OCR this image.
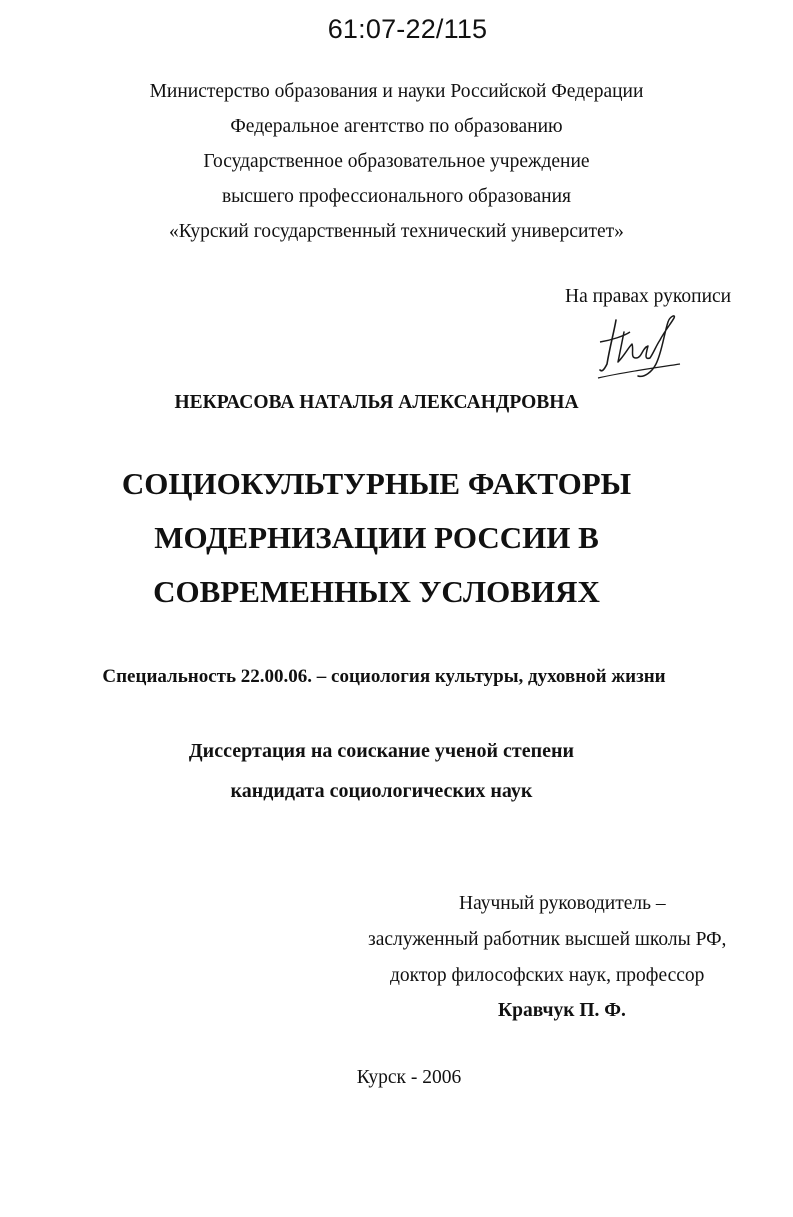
61:07-22/115
Министерство образования и науки Российской Федерации
Федеральное агентство по образованию
Государственное образовательное учреждение
высшего профессионального образования
«Курский государственный технический университет»
На правах рукописи
НЕКРАСОВА НАТАЛЬЯ АЛЕКСАНДРОВНА
СОЦИОКУЛЬТУРНЫЕ ФАКТОРЫ
МОДЕРНИЗАЦИИ РОССИИ В
СОВРЕМЕННЫХ УСЛОВИЯХ
Специальность 22.00.06. – социология культуры, духовной жизни
Диссертация на соискание ученой степени
кандидата социологических наук
Научный руководитель –
заслуженный работник высшей школы РФ,
доктор философских наук, профессор
Кравчук П. Ф.
Курск - 2006
